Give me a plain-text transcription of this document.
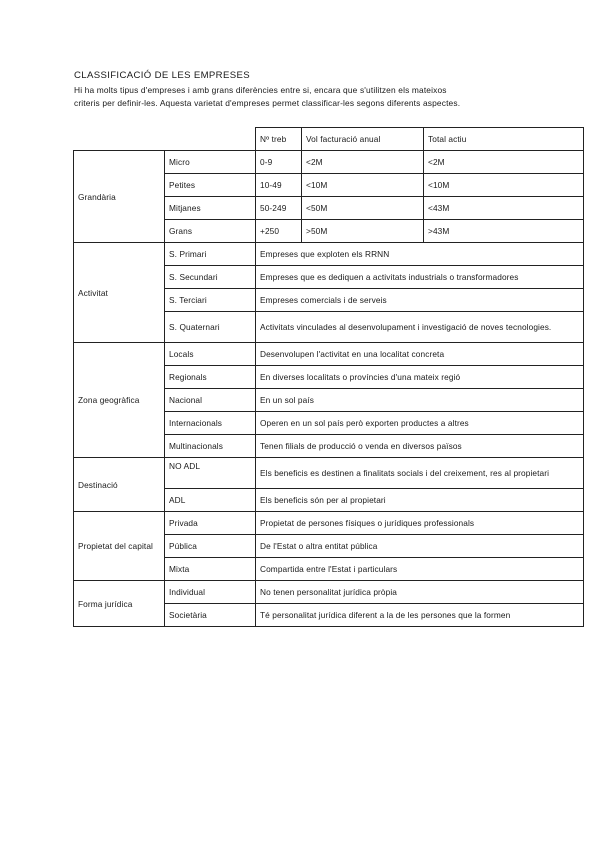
CLASSIFICACIÓ DE LES EMPRESES
Hi ha molts tipus d'empreses i amb grans diferències entre si, encara que s'utilitzen els mateixos
criteris per definir-les. Aquesta varietat d'empreses permet classificar-les segons diferents aspectes.
		Nº treb	Vol facturació anual	Total actiu
Grandària	Micro	0-9	<2M	<2M
	Petites	10-49	<10M	<10M
	Mitjanes	50-249	<50M	<43M
	Grans	+250	>50M	>43M
Activitat	S. Primari	Empreses que exploten els RRNN		
	S. Secundari	Empreses que es dediquen a activitats industrials o transformadores		
	S. Terciari	Empreses comercials i de serveis		
	S. Quaternari	Activitats vinculades al desenvolupament i investigació de noves tecnologies.		
Zona geogràfica	Locals	Desenvolupen l'activitat en una localitat concreta		
	Regionals	En diverses localitats o províncies d'una mateix regió		
	Nacional	En un sol país		
	Internacionals	Operen en un sol país però exporten productes a altres		
	Multinacionals	Tenen filials de producció o venda en diversos països		
Destinació	NO ADL	Els beneficis es destinen a finalitats socials i del creixement, res al propietari		
	ADL	Els beneficis són per al propietari		
Propietat del capital	Privada	Propietat de persones físiques o jurídiques professionals		
	Pública	De l'Estat o altra entitat pública		
	Mixta	Compartida entre l'Estat i particulars		
Forma jurídica	Individual	No tenen personalitat jurídica pròpia		
	Societària	Té personalitat jurídica diferent a la de les persones que la formen		
